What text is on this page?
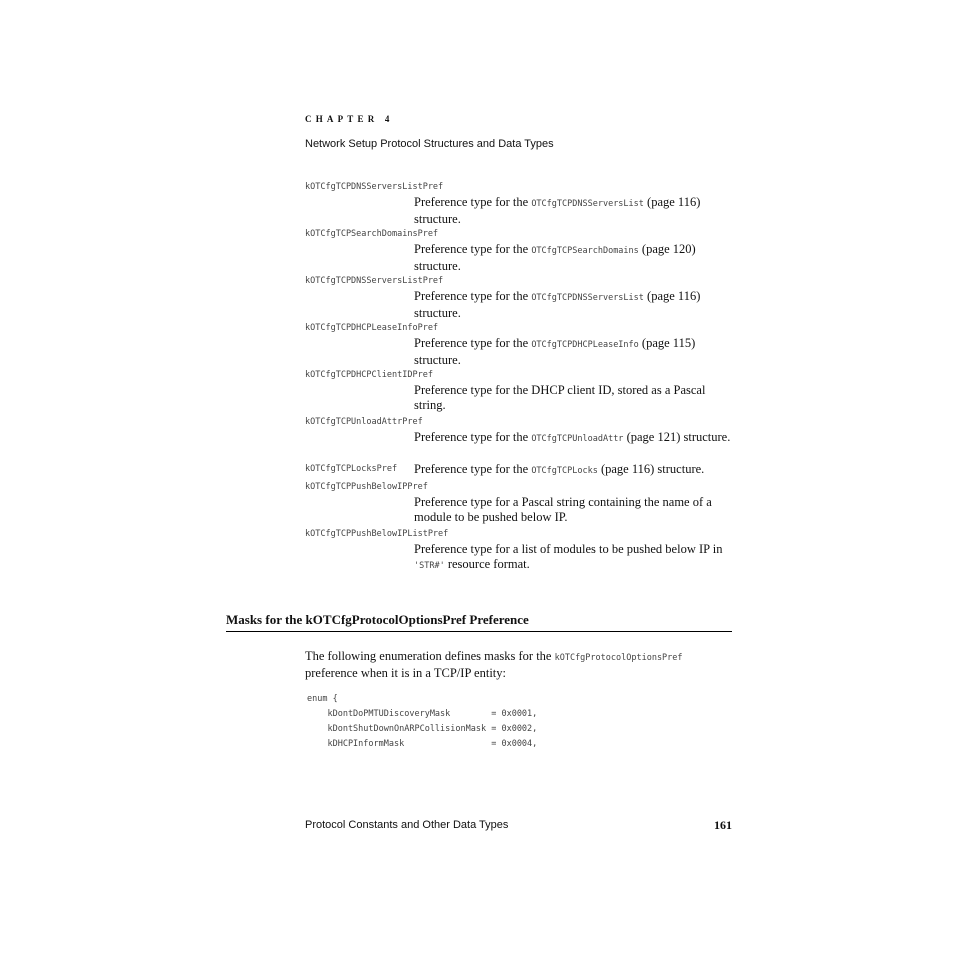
CHAPTER 4
Network Setup Protocol Structures and Data Types
kOTCfgTCPDNSServersListPref
Preference type for the OTCfgTCPDNSServersList (page 116) structure.
kOTCfgTCPSearchDomainsPref
Preference type for the OTCfgTCPSearchDomains (page 120) structure.
kOTCfgTCPDNSServersListPref
Preference type for the OTCfgTCPDNSServersList (page 116) structure.
kOTCfgTCPDHCPLeaseInfoPref
Preference type for the OTCfgTCPDHCPLeaseInfo (page 115) structure.
kOTCfgTCPDHCPClientIDPref
Preference type for the DHCP client ID, stored as a Pascal string.
kOTCfgTCPUnloadAttrPref
Preference type for the OTCfgTCPUnloadAttr (page 121) structure.
kOTCfgTCPLocksPref Preference type for the OTCfgTCPLocks (page 116) structure.
kOTCfgTCPPushBelowIPPref
Preference type for a Pascal string containing the name of a module to be pushed below IP.
kOTCfgTCPPushBelowIPListPref
Preference type for a list of modules to be pushed below IP in 'STR#' resource format.
Masks for the kOTCfgProtocolOptionsPref Preference
The following enumeration defines masks for the kOTCfgProtocolOptionsPref preference when it is in a TCP/IP entity:
enum {
kDontDoPMTUDiscoveryMask        = 0x0001,
kDontShutDownOnARPCollisionMask = 0x0002,
kDHCPInformMask                 = 0x0004,
Protocol Constants and Other Data Types	161
